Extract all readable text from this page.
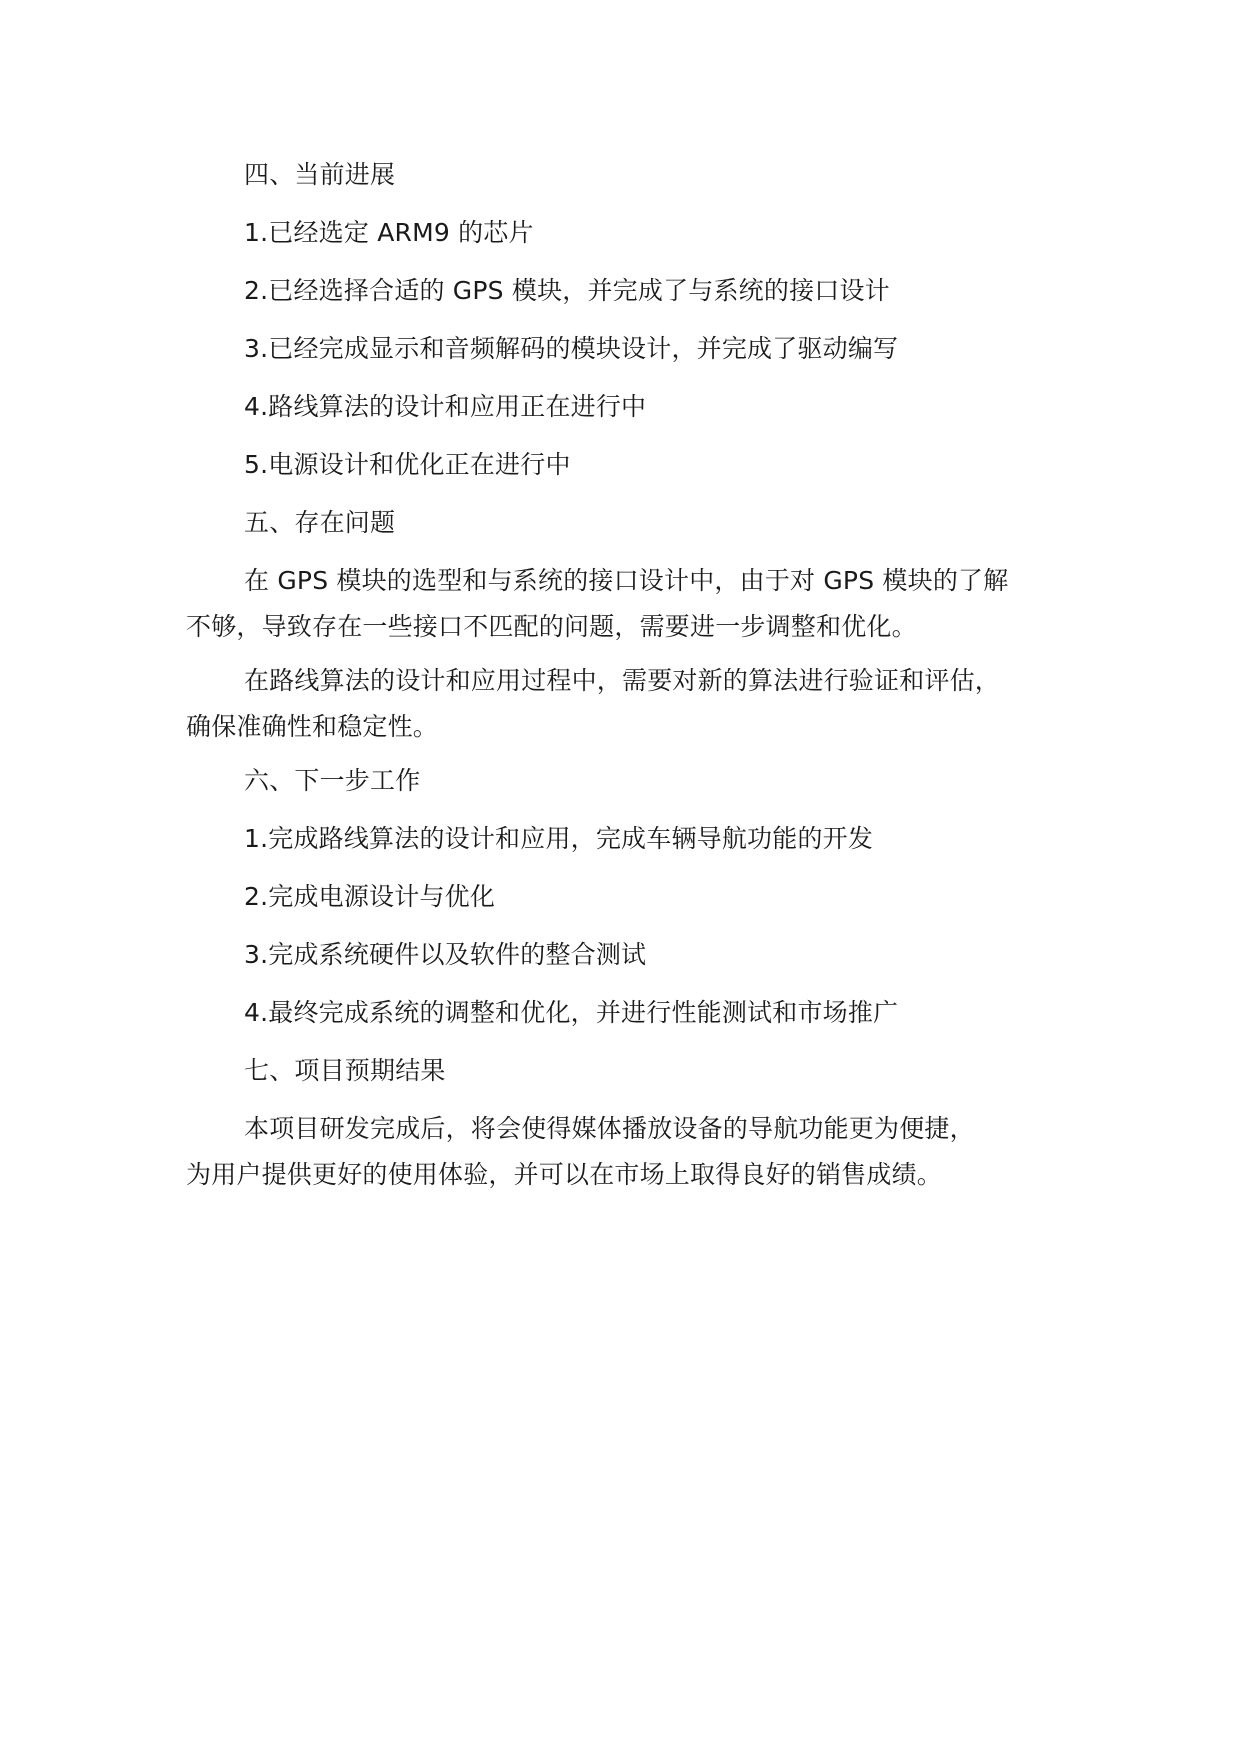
四、当前进展
1.已经选定 ARM9 的芯片
2.已经选择合适的 GPS 模块，并完成了与系统的接口设计
3.已经完成显示和音频解码的模块设计，并完成了驱动编写
4.路线算法的设计和应用正在进行中
5.电源设计和优化正在进行中
五、存在问题
在 GPS 模块的选型和与系统的接口设计中，由于对 GPS 模块的了解
不够，导致存在一些接口不匹配的问题，需要进一步调整和优化。
在路线算法的设计和应用过程中，需要对新的算法进行验证和评估，
确保准确性和稳定性。
六、下一步工作
1.完成路线算法的设计和应用，完成车辆导航功能的开发
2.完成电源设计与优化
3.完成系统硬件以及软件的整合测试
4.最终完成系统的调整和优化，并进行性能测试和市场推广
七、项目预期结果
本项目研发完成后，将会使得媒体播放设备的导航功能更为便捷，
为用户提供更好的使用体验，并可以在市场上取得良好的销售成绩。
